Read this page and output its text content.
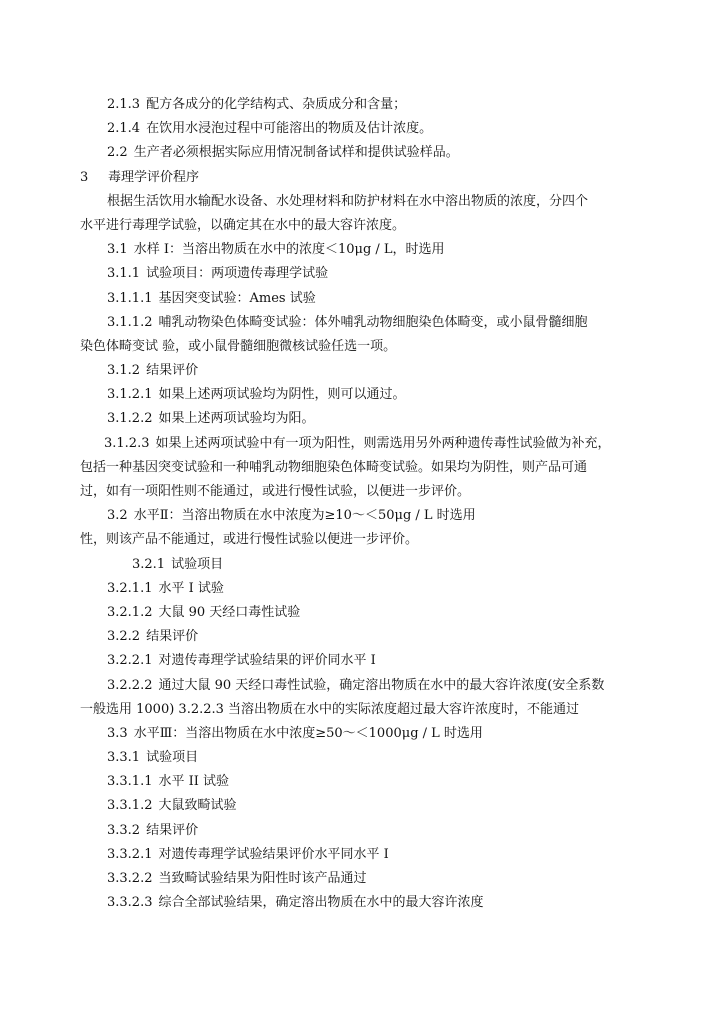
2.1.3 配方各成分的化学结构式、杂质成分和含量；
2.1.4 在饮用水浸泡过程中可能溶出的物质及估计浓度。
2.2 生产者必须根据实际应用情况制备试样和提供试验样品。
3 毒理学评价程序
根据生活饮用水输配水设备、水处理材料和防护材料在水中溶出物质的浓度，分四个
水平进行毒理学试验，以确定其在水中的最大容许浓度。
3.1 水样 I：当溶出物质在水中的浓度＜10μg / L，时选用
3.1.1 试验项目：两项遗传毒理学试验
3.1.1.1 基因突变试验：Ames 试验
3.1.1.2 哺乳动物染色体畸变试验：体外哺乳动物细胞染色体畸变，或小鼠骨髓细胞
染色体畸变试 验，或小鼠骨髓细胞微核试验任选一项。
3.1.2 结果评价
3.1.2.1 如果上述两项试验均为阴性，则可以通过。
3.1.2.2 如果上述两项试验均为阳。
3.1.2.3 如果上述两项试验中有一项为阳性，则需选用另外两种遗传毒性试验做为补充，
包括一种基因突变试验和一种哺乳动物细胞染色体畸变试验。如果均为阴性，则产品可通
过，如有一项阳性则不能通过，或进行慢性试验，以便进一步评价。
3.2 水平Ⅱ：当溶出物质在水中浓度为≥10～＜50μg / L 时选用
性，则该产品不能通过，或进行慢性试验以便进一步评价。
3.2.1 试验项目
3.2.1.1 水平 I 试验
3.2.1.2 大鼠 90 天经口毒性试验
3.2.2 结果评价
3.2.2.1 对遗传毒理学试验结果的评价同水平 Ⅰ
3.2.2.2 通过大鼠 90 天经口毒性试验，确定溶出物质在水中的最大容许浓度(安全系数
一般选用 1000) 3.2.2.3 当溶出物质在水中的实际浓度超过最大容许浓度时，不能通过
3.3 水平Ⅲ：当溶出物质在水中浓度≥50～＜1000μg / L 时选用
3.3.1 试验项目
3.3.1.1 水平 II 试验
3.3.1.2 大鼠致畸试验
3.3.2 结果评价
3.3.2.1 对遗传毒理学试验结果评价水平同水平 Ⅰ
3.3.2.2 当致畸试验结果为阳性时该产品通过
3.3.2.3 综合全部试验结果，确定溶出物质在水中的最大容许浓度
